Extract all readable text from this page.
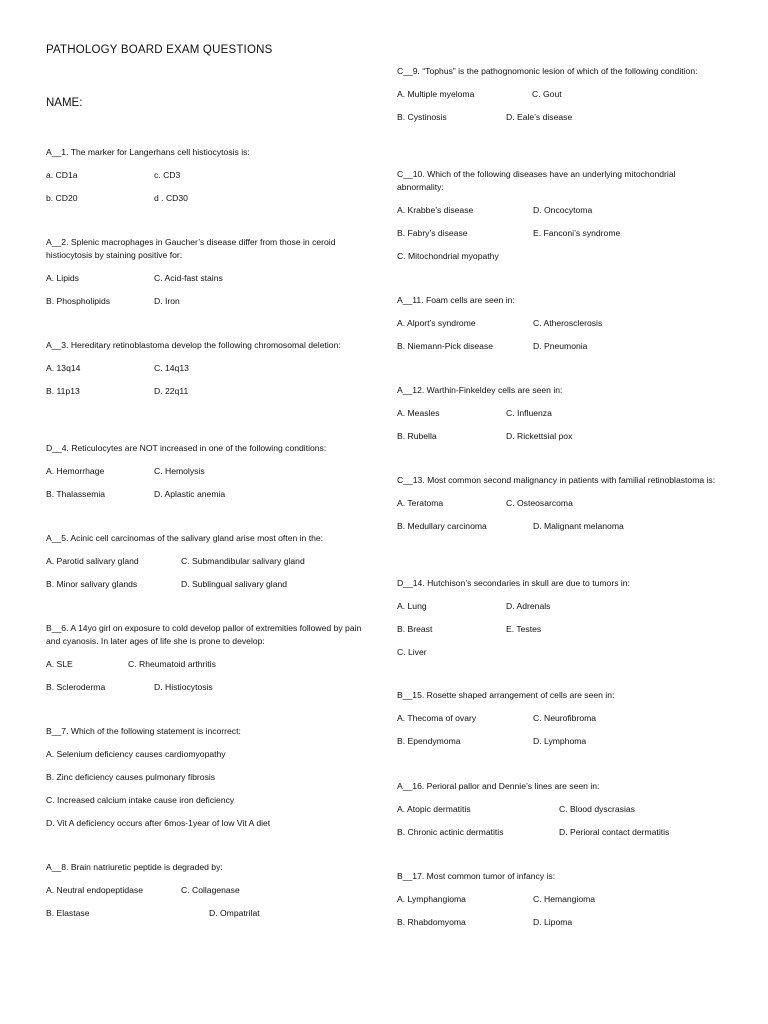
PATHOLOGY BOARD EXAM QUESTIONS
NAME:
A__1. The marker for Langerhans cell histiocytosis is:
a. CD1a	c. CD3
b. CD20	d . CD30
A__2. Splenic macrophages in Gaucher’s disease differ from those in ceroid histiocytosis by staining positive for:
A. Lipids	C. Acid-fast stains
B. Phospholipids	D. Iron
A__3. Hereditary retinoblastoma develop the following chromosomal deletion:
A. 13q14	C. 14q13
B. 11p13	D. 22q11
D__4. Reticulocytes are NOT increased in one of the following conditions:
A. Hemorrhage	C. Hemolysis
B. Thalassemia	D. Aplastic anemia
A__5. Acinic cell carcinomas of the salivary gland arise most often in the:
A. Parotid salivary gland	C. Submandibular salivary gland
B. Minor salivary glands	D. Sublingual salivary gland
B__6. A 14yo girl on exposure to cold develop pallor of extremities followed by pain and cyanosis. In later ages of life she is prone to develop:
A. SLE	C. Rheumatoid arthritis
B. Scleroderma	D. Histiocytosis
B__7. Which of the following statement is incorrect:
A. Selenium deficiency causes cardiomyopathy
B. Zinc deficiency causes pulmonary fibrosis
C. Increased calcium intake cause iron deficiency
D. Vit A deficiency occurs after 6mos-1year of low Vit A diet
A__8. Brain natriuretic peptide is degraded by:
A. Neutral endopeptidase	C. Collagenase
B. Elastase	D. Ompatrilat
C__9. “Tophus” is the pathognomonic lesion of which of the following condition:
A. Multiple myeloma	C. Gout
B. Cystinosis	D. Eale’s disease
C__10. Which of the following diseases have an underlying mitochondrial abnormality:
A. Krabbe’s disease	D. Oncocytoma
B. Fabry’s disease	E. Fanconi’s syndrome
C. Mitochondrial myopathy
A__11. Foam cells are seen in:
A. Alport’s syndrome	C. Atherosclerosis
B. Niemann-Pick disease	D. Pneumonia
A__12. Warthin-Finkeldey cells are seen in:
A. Measles	C. Influenza
B. Rubella	D. Rickettsial pox
C__13. Most common second malignancy in patients with familial retinoblastoma is:
A. Teratoma	C. Osteosarcoma
B. Medullary carcinoma	D. Malignant melanoma
D__14. Hutchison’s secondaries in skull are due to tumors in:
A. Lung	D. Adrenals
B. Breast	E. Testes
C. Liver
B__15. Rosette shaped arrangement of cells are seen in:
A. Thecoma of ovary	C. Neurofibroma
B. Ependymoma	D. Lymphoma
A__16. Perioral pallor and Dennie’s lines are seen in:
A. Atopic dermatitis	C. Blood dyscrasias
B. Chronic actinic dermatitis	D. Perioral contact dermatitis
B__17. Most common tumor of infancy is:
A. Lymphangioma	C. Hemangioma
B. Rhabdomyoma	D. Lipoma
